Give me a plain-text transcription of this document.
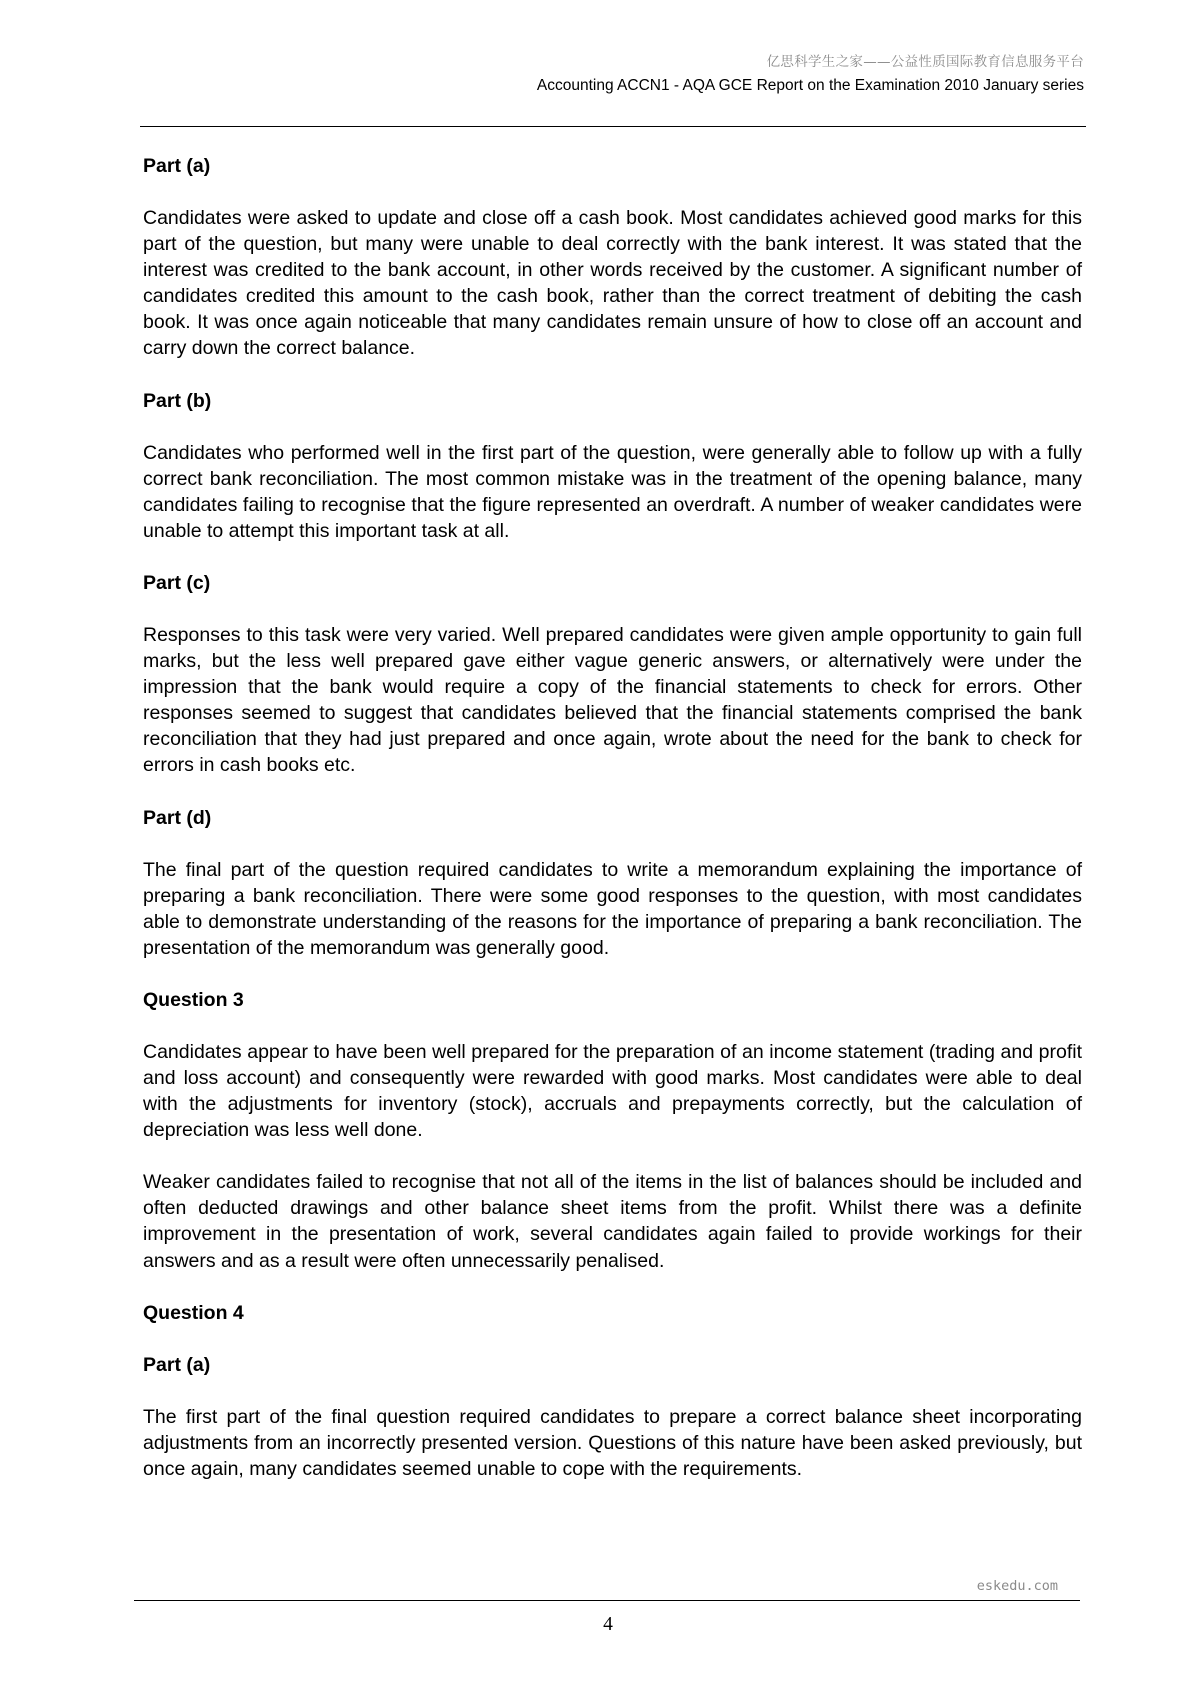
亿思科学生之家——公益性质国际教育信息服务平台
Accounting ACCN1 - AQA GCE Report on the Examination 2010 January series
Part (a)
Candidates were asked to update and close off a cash book. Most candidates achieved good marks for this part of the question, but many were unable to deal correctly with the bank interest. It was stated that the interest was credited to the bank account, in other words received by the customer. A significant number of candidates credited this amount to the cash book, rather than the correct treatment of debiting the cash book. It was once again noticeable that many candidates remain unsure of how to close off an account and carry down the correct balance.
Part (b)
Candidates who performed well in the first part of the question, were generally able to follow up with a fully correct bank reconciliation. The most common mistake was in the treatment of the opening balance, many candidates failing to recognise that the figure represented an overdraft. A number of weaker candidates were unable to attempt this important task at all.
Part (c)
Responses to this task were very varied. Well prepared candidates were given ample opportunity to gain full marks, but the less well prepared gave either vague generic answers, or alternatively were under the impression that the bank would require a copy of the financial statements to check for errors. Other responses seemed to suggest that candidates believed that the financial statements comprised the bank reconciliation that they had just prepared and once again, wrote about the need for the bank to check for errors in cash books etc.
Part (d)
The final part of the question required candidates to write a memorandum explaining the importance of preparing a bank reconciliation. There were some good responses to the question, with most candidates able to demonstrate understanding of the reasons for the importance of preparing a bank reconciliation. The presentation of the memorandum was generally good.
Question 3
Candidates appear to have been well prepared for the preparation of an income statement (trading and profit and loss account) and consequently were rewarded with good marks. Most candidates were able to deal with the adjustments for inventory (stock), accruals and prepayments correctly, but the calculation of depreciation was less well done.
Weaker candidates failed to recognise that not all of the items in the list of balances should be included and often deducted drawings and other balance sheet items from the profit. Whilst there was a definite improvement in the presentation of work, several candidates again failed to provide workings for their answers and as a result were often unnecessarily penalised.
Question 4
Part (a)
The first part of the final question required candidates to prepare a correct balance sheet incorporating adjustments from an incorrectly presented version. Questions of this nature have been asked previously, but once again, many candidates seemed unable to cope with the requirements.
eskedu.com
4
